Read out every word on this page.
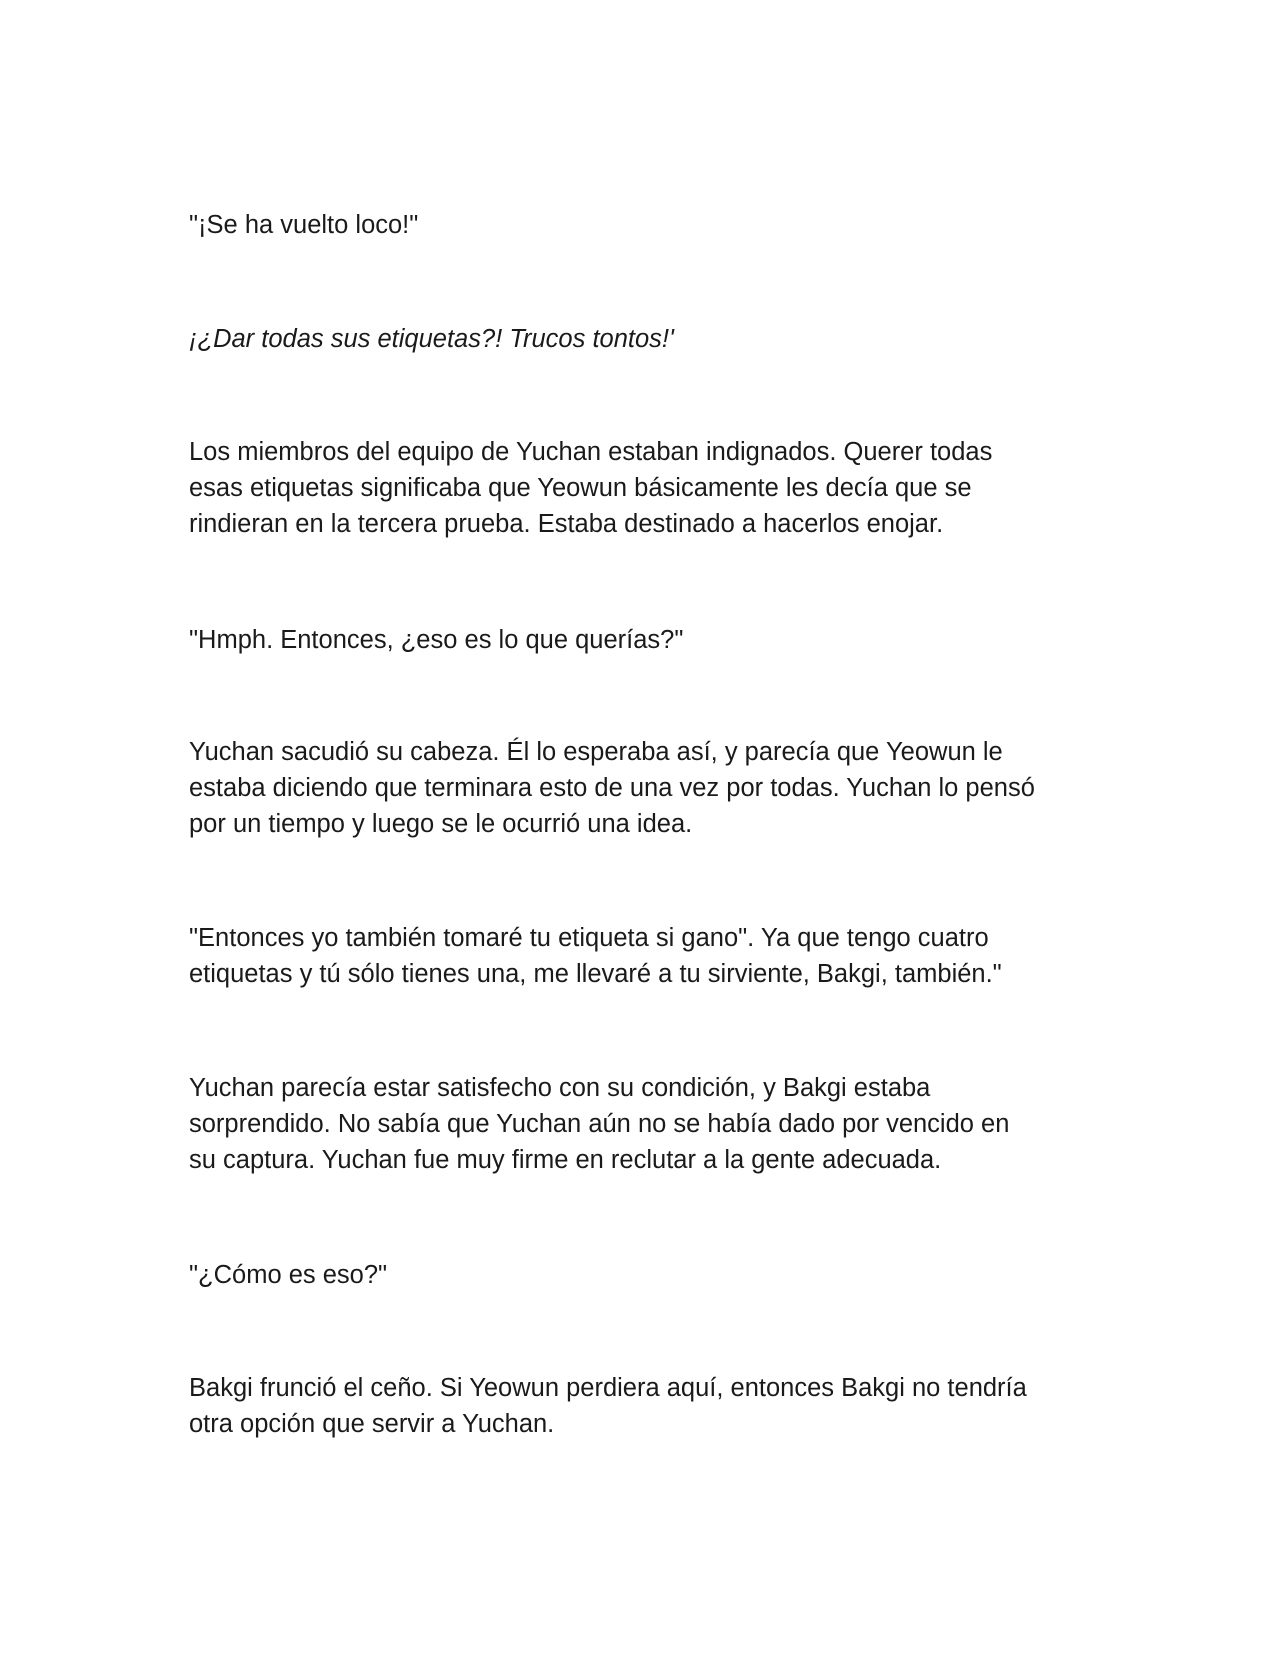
"¡Se ha vuelto loco!"

¡¿Dar todas sus etiquetas?! Trucos tontos!'

Los miembros del equipo de Yuchan estaban indignados. Querer todas
esas etiquetas significaba que Yeowun básicamente les decía que se
rindieran en la tercera prueba. Estaba destinado a hacerlos enojar.

"Hmph. Entonces, ¿eso es lo que querías?"

Yuchan sacudió su cabeza. Él lo esperaba así, y parecía que Yeowun le
estaba diciendo que terminara esto de una vez por todas. Yuchan lo pensó
por un tiempo y luego se le ocurrió una idea.

"Entonces yo también tomaré tu etiqueta si gano". Ya que tengo cuatro
etiquetas y tú sólo tienes una, me llevaré a tu sirviente, Bakgi, también."

Yuchan parecía estar satisfecho con su condición, y Bakgi estaba
sorprendido. No sabía que Yuchan aún no se había dado por vencido en
su captura. Yuchan fue muy firme en reclutar a la gente adecuada.

"¿Cómo es eso?"

Bakgi frunció el ceño. Si Yeowun perdiera aquí, entonces Bakgi no tendría
otra opción que servir a Yuchan.
